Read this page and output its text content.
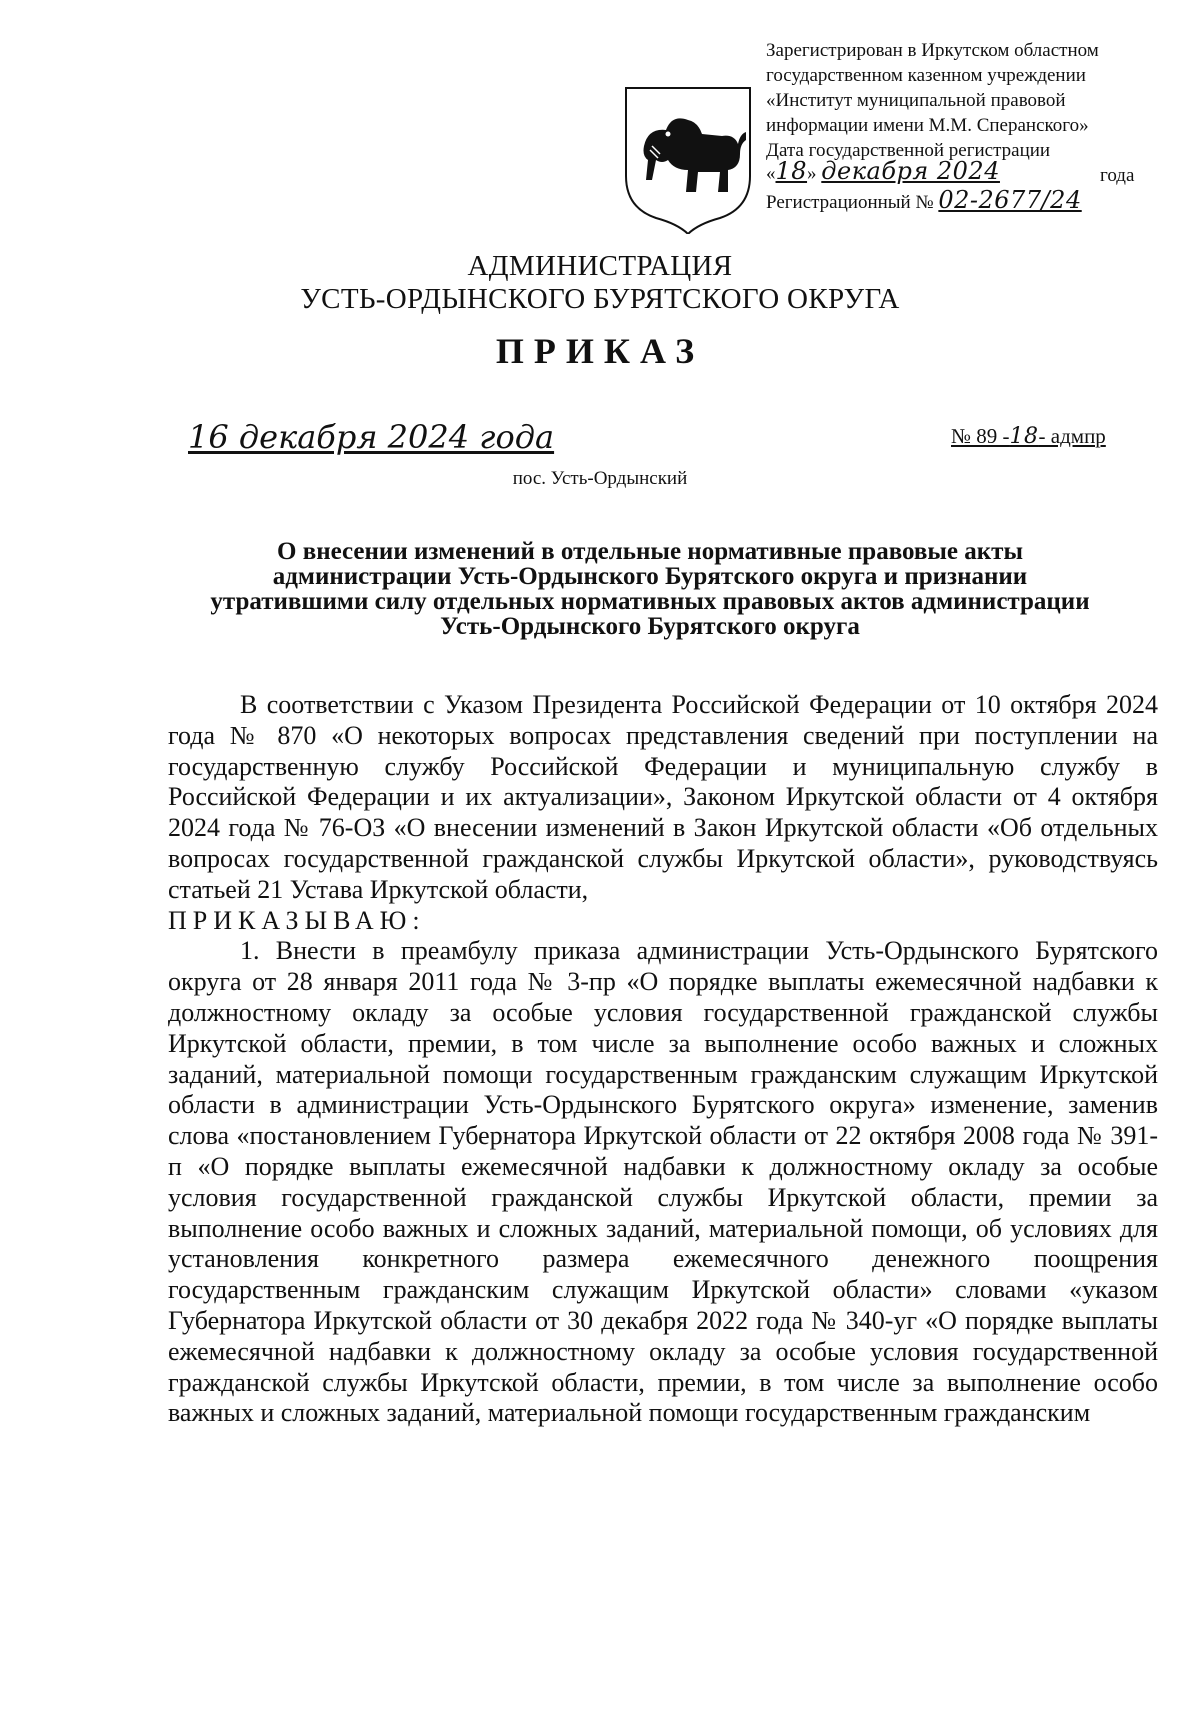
Зарегистрирован в Иркутском областном
государственном казенном учреждении
«Институт муниципальной правовой
информации имени М.М. Сперанского»
Дата государственной регистрации
«18» декабря 2024	года
Регистрационный № 02-2677/24
АДМИНИСТРАЦИЯ
УСТЬ-ОРДЫНСКОГО БУРЯТСКОГО ОКРУГА
ПРИКАЗ
16 декабря 2024 года	№ 89 -18- адмпр
пос. Усть-Ордынский
О внесении изменений в отдельные нормативные правовые акты администрации Усть-Ордынского Бурятского округа и признании утратившими силу отдельных нормативных правовых актов администрации Усть-Ордынского Бурятского округа

В соответствии с Указом Президента Российской Федерации от 10 октября 2024 года № 870 «О некоторых вопросах представления сведений при поступлении на государственную службу Российской Федерации и муниципальную службу в Российской Федерации и их актуализации», Законом Иркутской области от 4 октября 2024 года № 76-ОЗ «О внесении изменений в Закон Иркутской области «Об отдельных вопросах государственной гражданской службы Иркутской области», руководствуясь статьей 21 Устава Иркутской области,

ПРИКАЗЫВАЮ:

1. Внести в преамбулу приказа администрации Усть-Ордынского Бурятского округа от 28 января 2011 года № 3-пр «О порядке выплаты ежемесячной надбавки к должностному окладу за особые условия государственной гражданской службы Иркутской области, премии, в том числе за выполнение особо важных и сложных заданий, материальной помощи государственным гражданским служащим Иркутской области в администрации Усть-Ордынского Бурятского округа» изменение, заменив слова «постановлением Губернатора Иркутской области от 22 октября 2008 года № 391-п «О порядке выплаты ежемесячной надбавки к должностному окладу за особые условия государственной гражданской службы Иркутской области, премии за выполнение особо важных и сложных заданий, материальной помощи, об условиях для установления конкретного размера ежемесячного денежного поощрения государственным гражданским служащим Иркутской области» словами «указом Губернатора Иркутской области от 30 декабря 2022 года № 340-уг «О порядке выплаты ежемесячной надбавки к должностному окладу за особые условия государственной гражданской службы Иркутской области, премии, в том числе за выполнение особо важных и сложных заданий, материальной помощи государственным гражданским
